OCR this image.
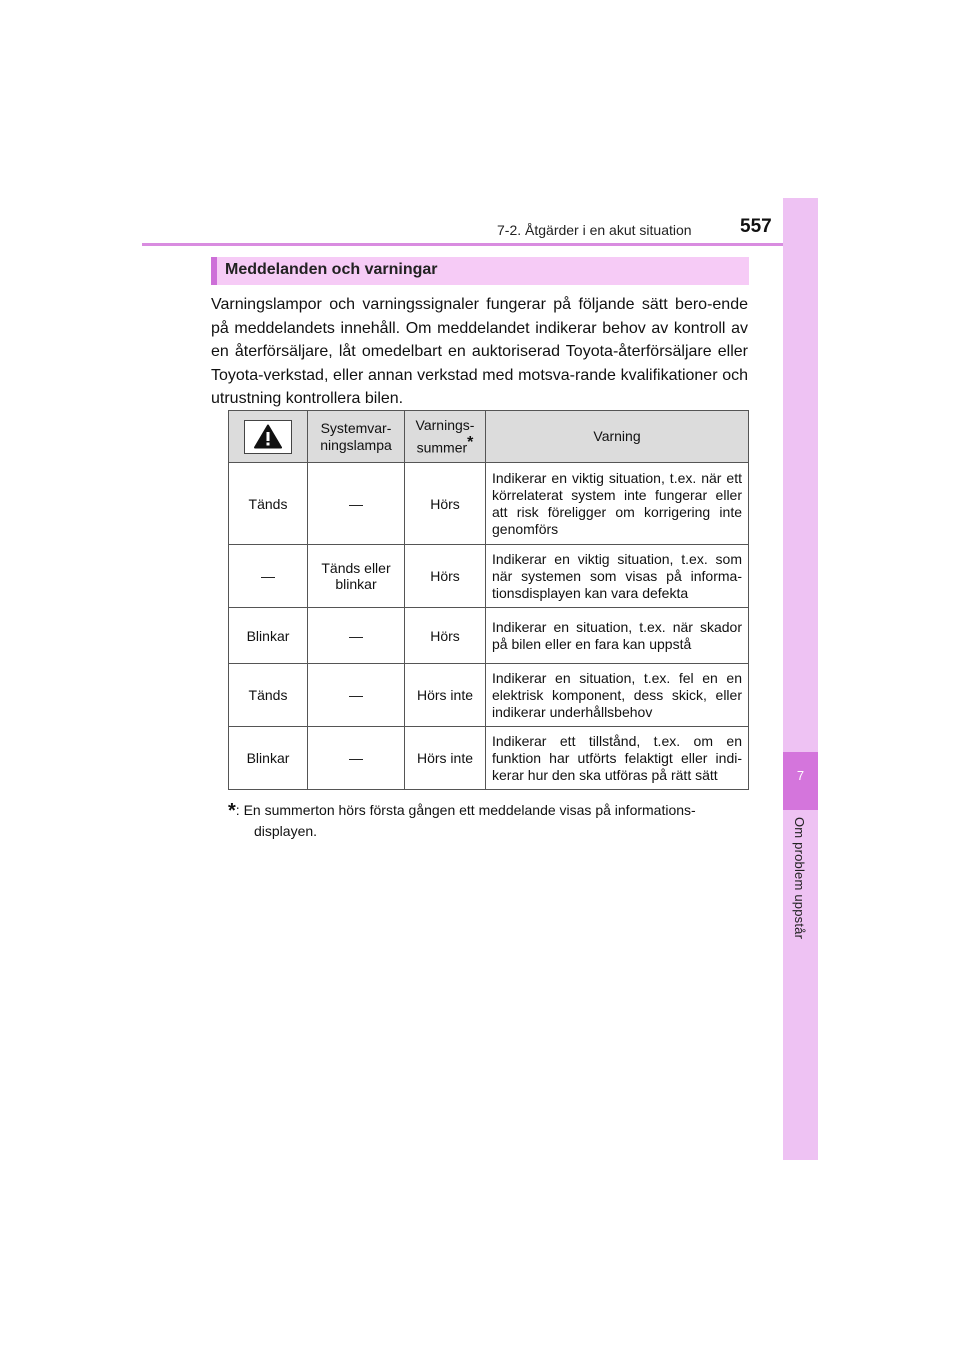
7-2. Åtgärder i en akut situation	557
7
Om problem uppstår
Meddelanden och varningar
Varningslampor och varningssignaler fungerar på följande sätt bero-ende på meddelandets innehåll. Om meddelandet indikerar behov av kontroll av en återförsäljare, låt omedelbart en auktoriserad Toyota-återförsäljare eller Toyota-verkstad, eller annan verkstad med motsva-rande kvalifikationer och utrustning kontrollera bilen.
	Systemvar-ningslampa	Varnings-summer*	Varning
Tänds	—	Hörs	Indikerar en viktig situation, t.ex. när ett körrelaterat system inte fungerar eller att risk föreligger om korrigering inte genomförs
—	Tänds eller blinkar	Hörs	Indikerar en viktig situation, t.ex. som när systemen som visas på informa-tionsdisplayen kan vara defekta
Blinkar	—	Hörs	Indikerar en situation, t.ex. när skador på bilen eller en fara kan uppstå
Tänds	—	Hörs inte	Indikerar en situation, t.ex. fel en en elektrisk komponent, dess skick, eller indikerar underhållsbehov
Blinkar	—	Hörs inte	Indikerar ett tillstånd, t.ex. om en funktion har utförts felaktigt eller indi-kerar hur den ska utföras på rätt sätt
*: En summerton hörs första gången ett meddelande visas på informations-
displayen.
